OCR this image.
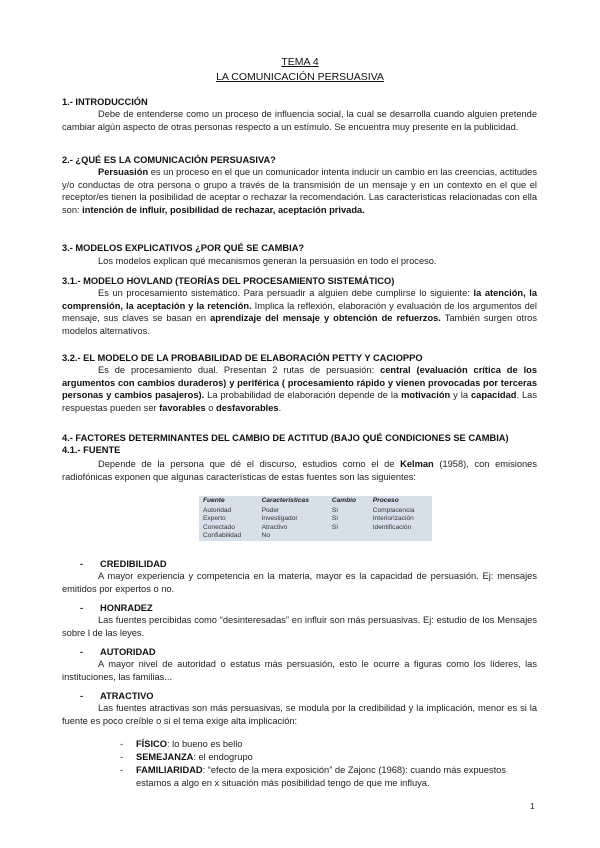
TEMA 4
LA COMUNICACIÓN PERSUASIVA
1.- INTRODUCCIÓN

Debe de entenderse como un proceso de influencia social, la cual se desarrolla cuando alguien pretende cambiar algún aspecto de otras personas respecto a un estímulo. Se encuentra muy presente en la publicidad.

2.- ¿QUÉ ES LA COMUNICACIÓN PERSUASIVA?

Persuasión es un proceso en el que un comunicador intenta inducir un cambio en las creencias, actitudes y/o conductas de otra persona o grupo a través de la transmisión de un mensaje y en un contexto en el que el receptor/es tienen la posibilidad de aceptar o rechazar la recomendación. Las características relacionadas con ella son: intención de influir, posibilidad de rechazar, aceptación privada.

3.- MODELOS EXPLICATIVOS ¿POR QUÉ SE CAMBIA?

Los modelos explican qué mecanismos generan la persuasión en todo el proceso.

3.1.- MODELO HOVLAND (TEORÍAS DEL PROCESAMIENTO SISTEMÁTICO)

Es un procesamiento sistemático. Para persuadir a alguien debe cumplirse lo siguiente: la atención, la comprensión, la aceptación y la retención. Implica la reflexión, elaboración y evaluación de los argumentos del mensaje, sus claves se basan en aprendizaje del mensaje y obtención de refuerzos. También surgen otros modelos alternativos.

3.2.- EL MODELO DE LA PROBABILIDAD DE ELABORACIÓN PETTY Y CACIOPPO

Es de procesamiento dual. Presentan 2 rutas de persuasión: central (evaluación crítica de los argumentos con cambios duraderos) y periférica ( procesamiento rápido y vienen provocadas por terceras personas y cambios pasajeros). La probabilidad de elaboración depende de la motivación y la capacidad. Las respuestas pueden ser favorables o desfavorables.

4.- FACTORES DETERMINANTES DEL CAMBIO DE ACTITUD (BAJO QUÉ CONDICIONES SE CAMBIA)
4.1.- FUENTE

Depende de la persona que dé el discurso, estudios como el de Kelman (1958), con emisiones radiofónicas exponen que algunas características de estas fuentes son las siguientes:

Fuente	Características	Cambio	Proceso
Autoridad	Poder	Sí	Complacencia
Experto	Investigador	Sí	Interiorización
Conectado	Atractivo	Sí	Identificación
Confiabilidad	No		
- CREDIBILIDAD

A mayor experiencia y competencia en la materia, mayor es la capacidad de persuasión. Ej: mensajes emitidos por expertos o no.

- HONRADEZ

Las fuentes percibidas como “desinteresadas” en influir son más persuasivas. Ej: estudio de los Mensajes sobre l de las leyes.

- AUTORIDAD

A mayor nivel de autoridad o estatus más persuasión, esto le ocurre a figuras como los líderes, las instituciones, las familias...

- ATRACTIVO

Las fuentes atractivas son más persuasivas, se modula por la credibilidad y la implicación, menor es si la fuente es poco creíble o si el tema exige alta implicación:

- FÍSICO: lo bueno es bello
- SEMEJANZA: el endogrupo
- FAMILIARIDAD: “efecto de la mera exposición” de Zajonc (1968): cuando más expuestos estamos a algo en x situación más posibilidad tengo de que me influya.
1
